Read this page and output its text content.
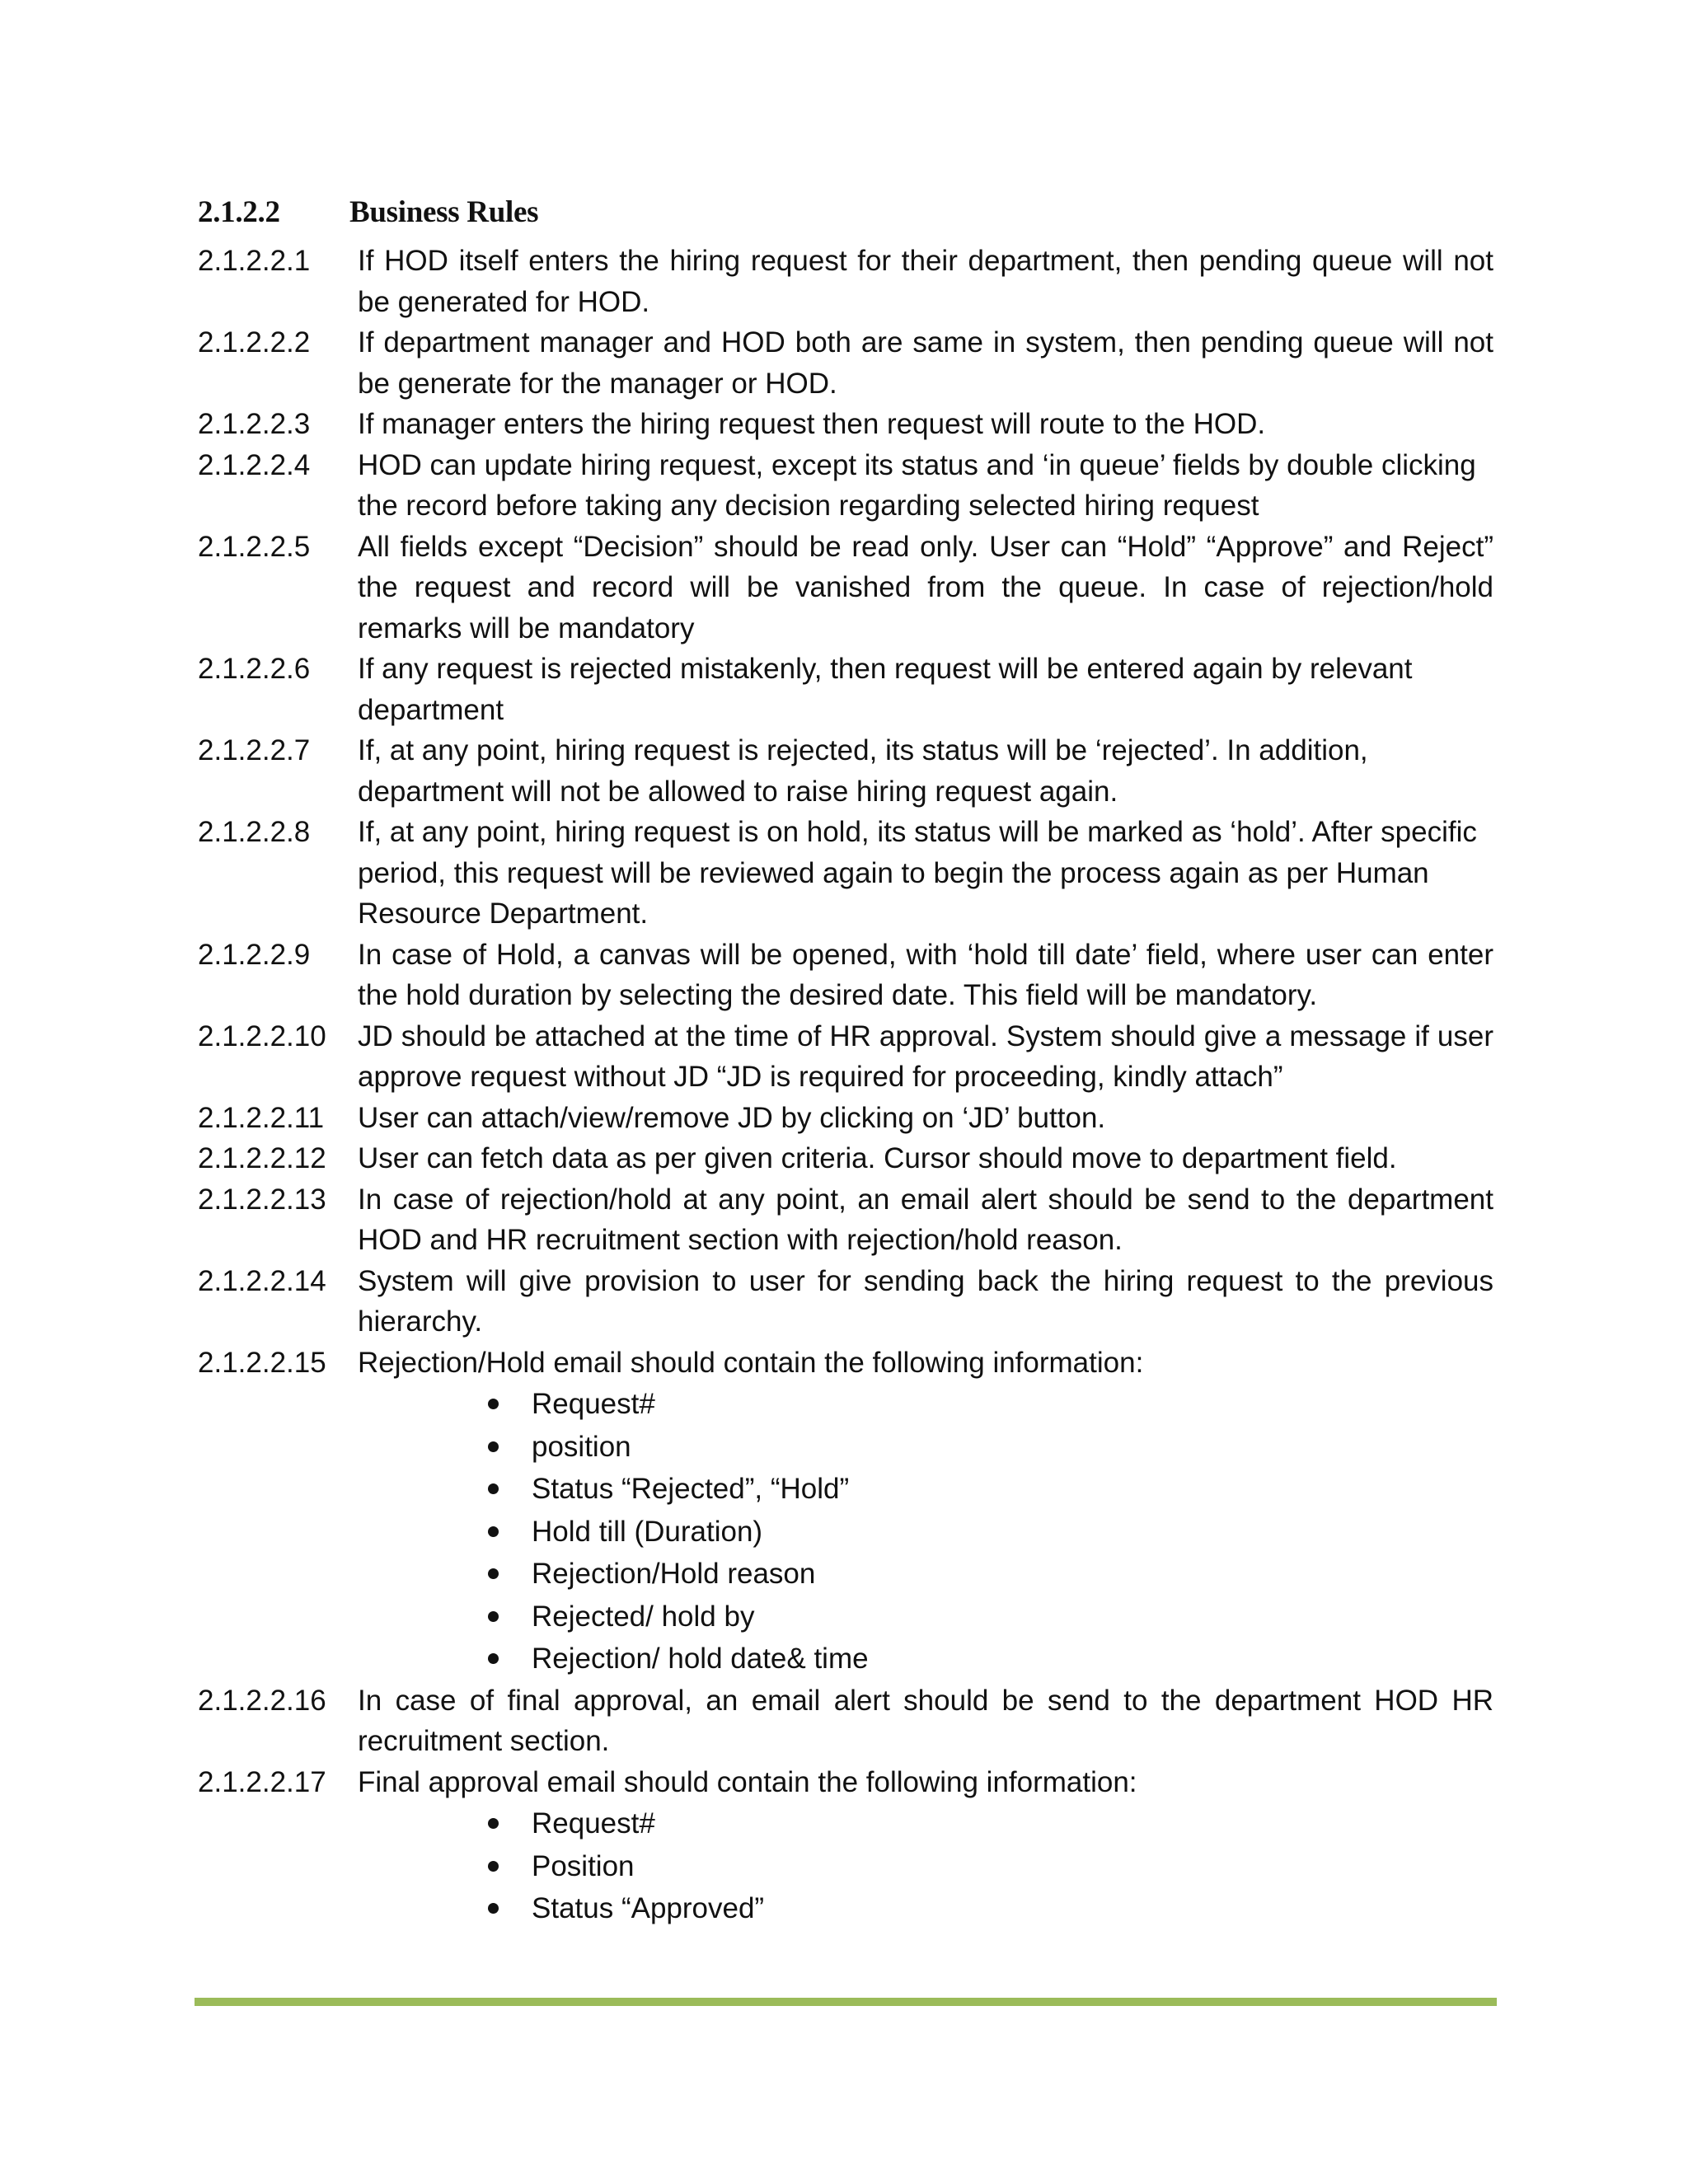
2.1.2.2	Business Rules
2.1.2.2.1	If HOD itself enters the hiring request for their department, then pending queue will not be generated for HOD.
2.1.2.2.2	If department manager and HOD both are same in system, then pending queue will not be generate for the manager or HOD.
2.1.2.2.3	If manager enters the hiring request then request will route to the HOD.
2.1.2.2.4	HOD can update hiring request, except its status and ‘in queue’ fields by double clicking the record before taking any decision regarding selected hiring request
2.1.2.2.5	All fields except “Decision” should be read only. User can “Hold” “Approve” and Reject” the request and record will be vanished from the queue. In case of rejection/hold remarks will be mandatory
2.1.2.2.6	If any request is rejected mistakenly, then request will be entered again by relevant department
2.1.2.2.7	If, at any point, hiring request is rejected, its status will be ‘rejected’. In addition, department will not be allowed to raise hiring request again.
2.1.2.2.8	If, at any point, hiring request is on hold, its status will be marked as ‘hold’. After specific period, this request will be reviewed again to begin the process again as per Human Resource Department.
2.1.2.2.9	In case of Hold, a canvas will be opened, with ‘hold till date’ field, where user can enter the hold duration by selecting the desired date. This field will be mandatory.
2.1.2.2.10	JD should be attached at the time of HR approval. System should give a message if user approve request without JD “JD is required for proceeding, kindly attach”
2.1.2.2.11	User can attach/view/remove JD by clicking on ‘JD’ button.
2.1.2.2.12	User can fetch data as per given criteria. Cursor should move to department field.
2.1.2.2.13	In case of rejection/hold at any point, an email alert should be send to the department HOD and HR recruitment section with rejection/hold reason.
2.1.2.2.14	System will give provision to user for sending back the hiring request to the previous hierarchy.
2.1.2.2.15	Rejection/Hold email should contain the following information:
Request#
position
Status “Rejected”, “Hold”
Hold till (Duration)
Rejection/Hold reason
Rejected/ hold by
Rejection/ hold date& time
2.1.2.2.16	In case of final approval, an email alert should be send to the department HOD HR recruitment section.
2.1.2.2.17	Final approval email should contain the following information:
Request#
Position
Status “Approved”
